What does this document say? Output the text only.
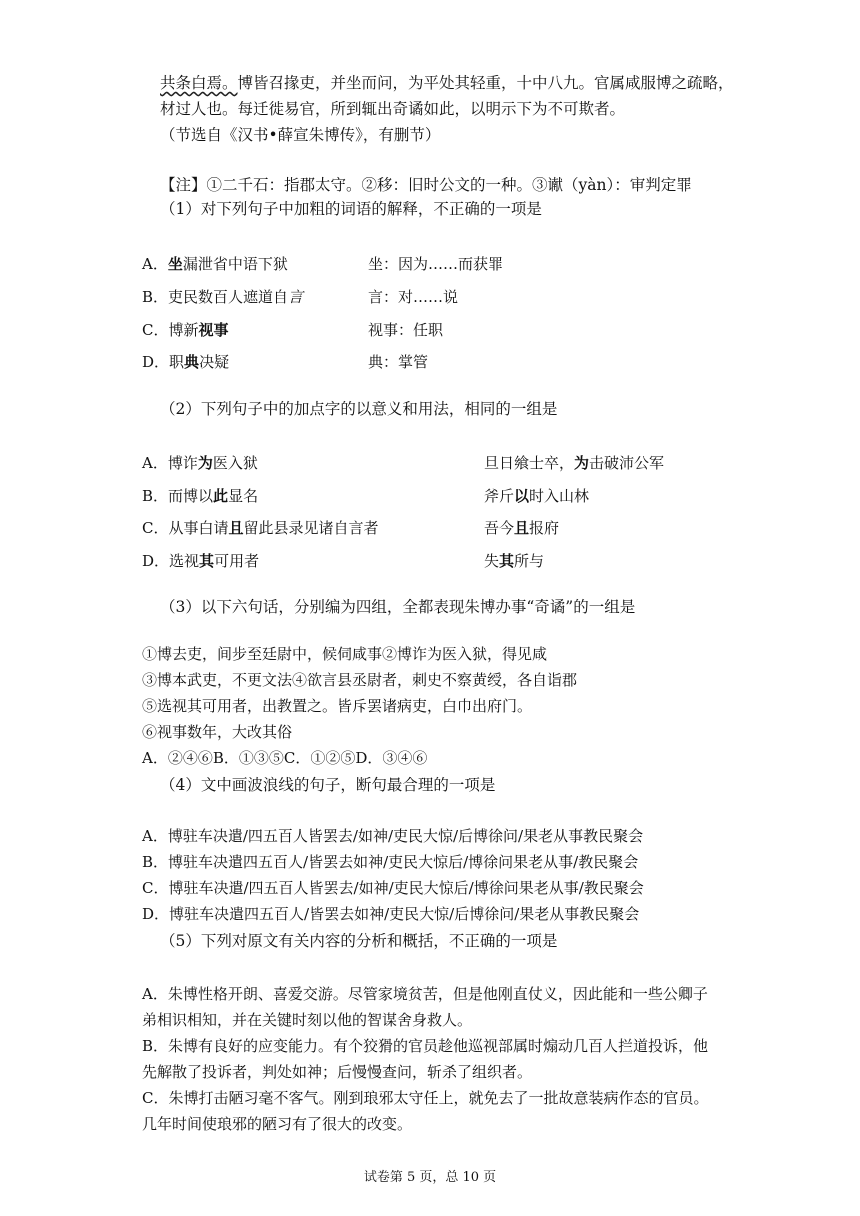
共条白焉。博皆召掾吏，并坐而问，为平处其轻重，十中八九。官属咸服博之疏略，
材过人也。每迁徙易官，所到辄出奇谲如此，以明示下为不可欺者。
（节选自《汉书•薛宣朱博传》，有删节）
【注】①二千石：指郡太守。②移：旧时公文的一种。③谳（yàn）：审判定罪
（1）对下列句子中加粗的词语的解释，不正确的一项是
A．坐漏泄省中语下狱	坐：因为……而获罪
B．吏民数百人遮道自言	言：对……说
C．博新视事	视事：任职
D．职典决疑	典：掌管
（2）下列句子中的加点字的以意义和用法，相同的一组是
A．博诈为医入狱	旦日飨士卒，为击破沛公军
B．而博以此显名	斧斤以时入山林
C．从事白请且留此县录见诸自言者	吾今且报府
D．选视其可用者	失其所与
（3）以下六句话，分别编为四组，全都表现朱博办事“奇谲”的一组是
①博去吏，间步至廷尉中，候伺咸事②博诈为医入狱，得见咸
③博本武吏，不更文法④欲言县丞尉者，刺史不察黄绶，各自诣郡
⑤选视其可用者，出教置之。皆斥罢诸病吏，白巾出府门。
⑥视事数年，大改其俗
A．②④⑥B．①③⑤C．①②⑤D．③④⑥
（4）文中画波浪线的句子，断句最合理的一项是
A．博驻车决遣/四五百人皆罢去/如神/吏民大惊/后博徐问/果老从事教民聚会
B．博驻车决遣四五百人/皆罢去如神/吏民大惊后/博徐问果老从事/教民聚会
C．博驻车决遣/四五百人皆罢去/如神/吏民大惊后/博徐问果老从事/教民聚会
D．博驻车决遣四五百人/皆罢去如神/吏民大惊/后博徐问/果老从事教民聚会
（5）下列对原文有关内容的分析和概括，不正确的一项是
A．朱博性格开朗、喜爱交游。尽管家境贫苦，但是他刚直仗义，因此能和一些公卿子
弟相识相知，并在关键时刻以他的智谋舍身救人。
B．朱博有良好的应变能力。有个狡猾的官员趁他巡视部属时煽动几百人拦道投诉，他
先解散了投诉者，判处如神；后慢慢查问，斩杀了组织者。
C．朱博打击陋习毫不客气。刚到琅邪太守任上，就免去了一批故意装病作态的官员。
几年时间使琅邪的陋习有了很大的改变。
试卷第 5 页，总 10 页
